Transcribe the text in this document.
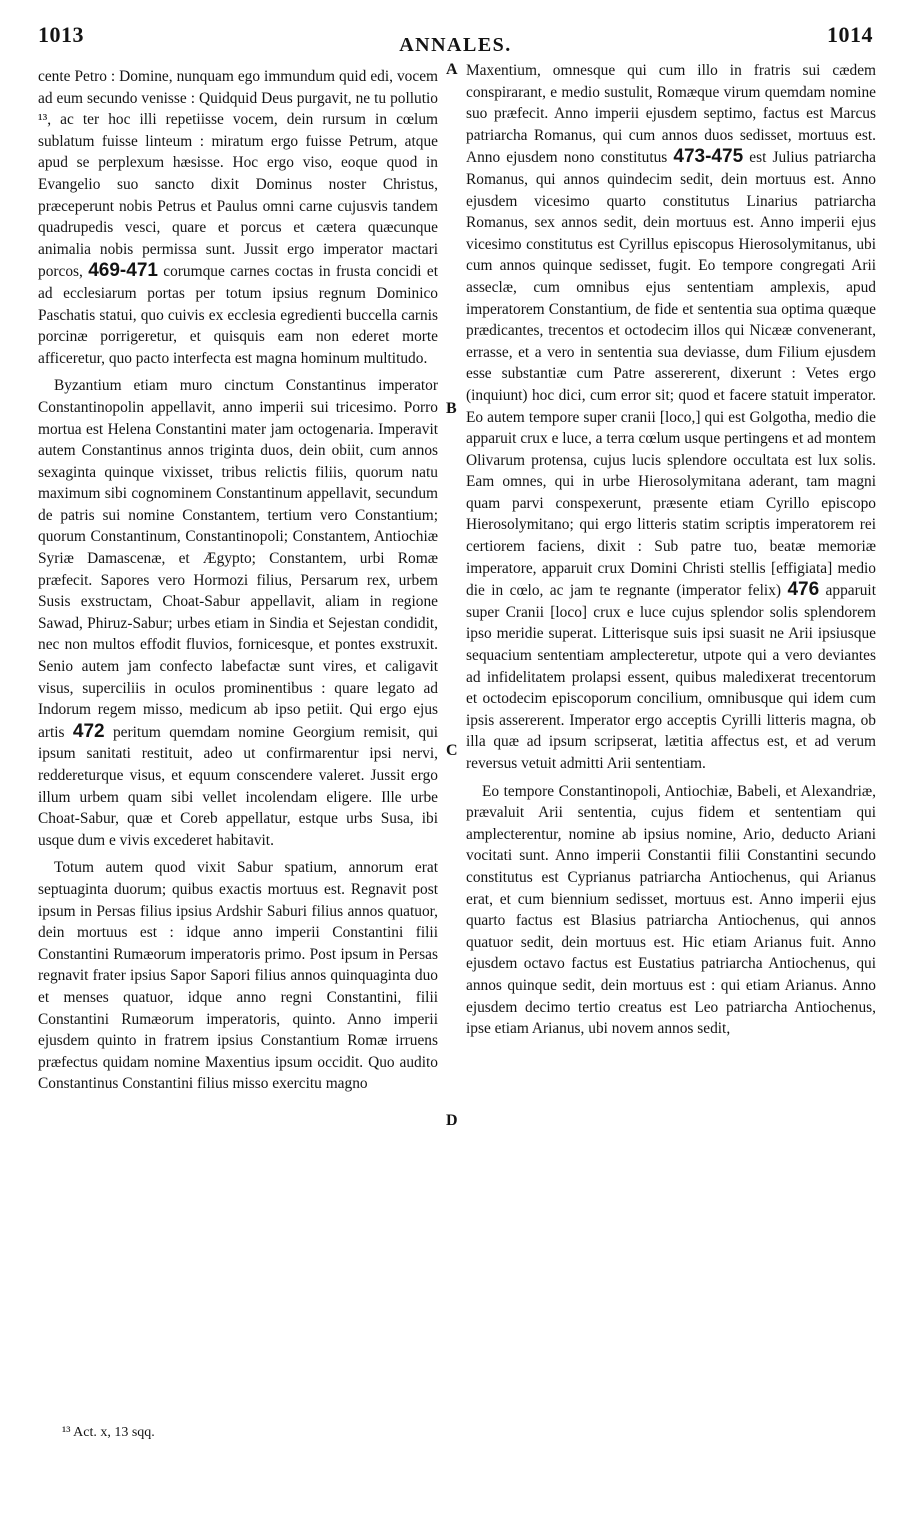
1013	ANNALES.	1014

cente Petro : Domine, nunquam ego immundum quid edi, vocem ad eum secundo venisse : Quidquid Deus purgavit, ne tu pollutio ¹³, ac ter hoc illi repetiisse vocem, dein rursum in cœlum sublatum fuisse linteum : miratum ergo fuisse Petrum, atque apud se perplexum hæsisse. Hoc ergo viso, eoque quod in Evangelio suo sancto dixit Dominus noster Christus, præceperunt nobis Petrus et Paulus omni carne cujusvis tandem quadrupedis vesci, quare et porcus et cætera quæcunque animalia nobis permissa sunt. Jussit ergo imperator mactari porcos, 469-471 corumque carnes coctas in frusta concidi et ad ecclesiarum portas per totum ipsius regnum Dominico Paschatis statui, quo cuivis ex ecclesia egredienti buccella carnis porcinæ porrigeretur, et quisquis eam non ederet morte afficeretur, quo pacto interfecta est magna hominum multitudo.

Byzantium etiam muro cinctum Constantinus imperator Constantinopolin appellavit, anno imperii sui tricesimo. Porro mortua est Helena Constantini mater jam octogenaria. Imperavit autem Constantinus annos triginta duos, dein obiit, cum annos sexaginta quinque vixisset, tribus relictis filiis, quorum natu maximum sibi cognominem Constantinum appellavit, secundum de patris sui nomine Constantem, tertium vero Constantium; quorum Constantinum, Constantinopoli; Constantem, Antiochiæ Syriæ Damascenæ, et Ægypto; Constantem, urbi Romæ præfecit. Sapores vero Hormozi filius, Persarum rex, urbem Susis exstructam, Choat-Sabur appellavit, aliam in regione Sawad, Phiruz-Sabur; urbes etiam in Sindia et Sejestan condidit, nec non multos effodit fluvios, fornicesque, et pontes exstruxit. Senio autem jam confecto labefactæ sunt vires, et caligavit visus, superciliis in oculos prominentibus : quare legato ad Indorum regem misso, medicum ab ipso petiit. Qui ergo ejus artis 472 peritum quemdam nomine Georgium remisit, qui ipsum sanitati restituit, adeo ut confirmarentur ipsi nervi, reddereturque visus, et equum conscendere valeret. Jussit ergo illum urbem quam sibi vellet incolendam eligere. Ille urbe Choat-Sabur, quæ et Coreb appellatur, estque urbs Susa, ibi usque dum e vivis excederet habitavit.

Totum autem quod vixit Sabur spatium, annorum erat septuaginta duorum; quibus exactis mortuus est. Regnavit post ipsum in Persas filius ipsius Ardshir Saburi filius annos quatuor, dein mortuus est : idque anno imperii Constantini filii Constantini Rumæorum imperatoris primo. Post ipsum in Persas regnavit frater ipsius Sapor Sapori filius annos quinquaginta duo et menses quatuor, idque anno regni Constantini, filii Constantini Rumæorum imperatoris, quinto. Anno imperii ejusdem quinto in fratrem ipsius Constantium Romæ irruens præfectus quidam nomine Maxentius ipsum occidit. Quo audito Constantinus Constantini filius misso exercitu magno

A
B
C
D

Maxentium, omnesque qui cum illo in fratris sui cædem conspirarant, e medio sustulit, Romæque virum quemdam nomine suo præfecit. Anno imperii ejusdem septimo, factus est Marcus patriarcha Romanus, qui cum annos duos sedisset, mortuus est. Anno ejusdem nono constitutus 473-475 est Julius patriarcha Romanus, qui annos quindecim sedit, dein mortuus est. Anno ejusdem vicesimo quarto constitutus Linarius patriarcha Romanus, sex annos sedit, dein mortuus est. Anno imperii ejus vicesimo constitutus est Cyrillus episcopus Hierosolymitanus, ubi cum annos quinque sedisset, fugit. Eo tempore congregati Arii asseclæ, cum omnibus ejus sententiam amplexis, apud imperatorem Constantium, de fide et sententia sua optima quæque prædicantes, trecentos et octodecim illos qui Nicææ convenerant, errasse, et a vero in sententia sua deviasse, dum Filium ejusdem esse substantiæ cum Patre assererent, dixerunt : Vetes ergo (inquiunt) hoc dici, cum error sit; quod et facere statuit imperator. Eo autem tempore super cranii [loco,] qui est Golgotha, medio die apparuit crux e luce, a terra cœlum usque pertingens et ad montem Olivarum protensa, cujus lucis splendore occultata est lux solis. Eam omnes, qui in urbe Hierosolymitana aderant, tam magni quam parvi conspexerunt, præsente etiam Cyrillo episcopo Hierosolymitano; qui ergo litteris statim scriptis imperatorem rei certiorem faciens, dixit : Sub patre tuo, beatæ memoriæ imperatore, apparuit crux Domini Christi stellis [effigiata] medio die in cœlo, ac jam te regnante (imperator felix) 476 apparuit super Cranii [loco] crux e luce cujus splendor solis splendorem ipso meridie superat. Litterisque suis ipsi suasit ne Arii ipsiusque sequacium sententiam amplecteretur, utpote qui a vero deviantes ad infidelitatem prolapsi essent, quibus maledixerat trecentorum et octodecim episcoporum concilium, omnibusque qui idem cum ipsis assererent. Imperator ergo acceptis Cyrilli litteris magna, ob illa quæ ad ipsum scripserat, lætitia affectus est, et ad verum reversus vetuit admitti Arii sententiam.

Eo tempore Constantinopoli, Antiochiæ, Babeli, et Alexandriæ, prævaluit Arii sententia, cujus fidem et sententiam qui amplecterentur, nomine ab ipsius nomine, Ario, deducto Ariani vocitati sunt. Anno imperii Constantii filii Constantini secundo constitutus est Cyprianus patriarcha Antiochenus, qui Arianus erat, et cum biennium sedisset, mortuus est. Anno imperii ejus quarto factus est Blasius patriarcha Antiochenus, qui annos quatuor sedit, dein mortuus est. Hic etiam Arianus fuit. Anno ejusdem octavo factus est Eustatius patriarcha Antiochenus, qui annos quinque sedit, dein mortuus est : qui etiam Arianus. Anno ejusdem decimo tertio creatus est Leo patriarcha Antiochenus, ipse etiam Arianus, ubi novem annos sedit,

¹³ Act. x, 13 sqq.
